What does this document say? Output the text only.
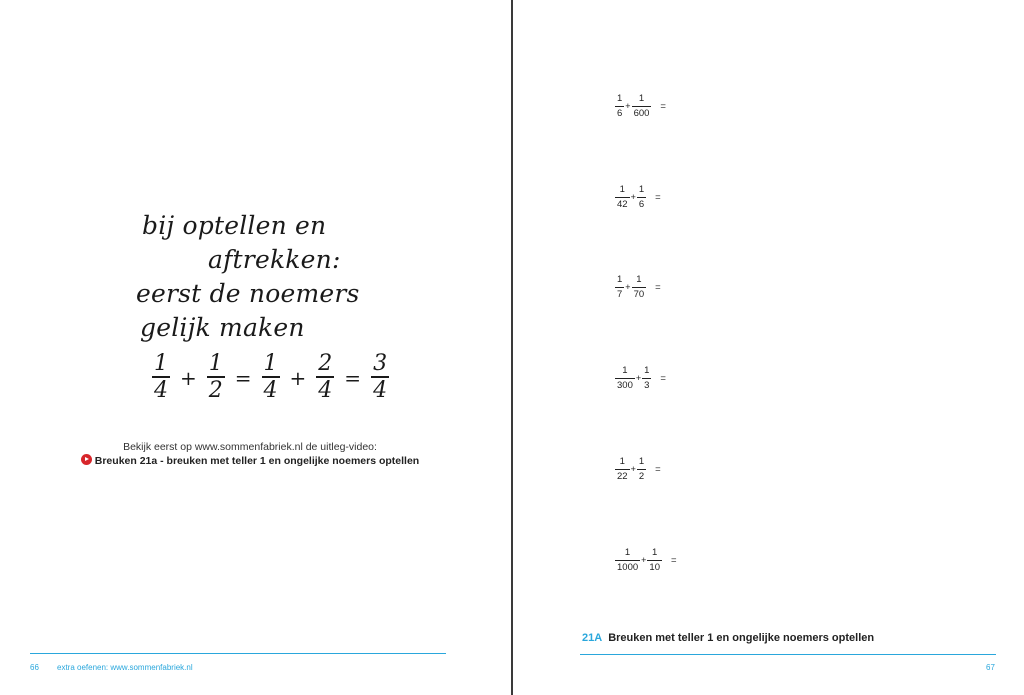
bij optellen en
aftrekken:
eerst de noemers
gelijk maken
$\frac{1}{4} + \frac{1}{2} = \frac{1}{4} + \frac{2}{4} = \frac{3}{4}$
Bekijk eerst op www.sommenfabriek.nl de uitleg-video:
Breuken 21a - breuken met teller 1 en ongelijke noemers optellen
66 extra oefenen: www.sommenfabriek.nl
$\frac{1}{6} + \frac{1}{600}$ =
$\frac{1}{42} + \frac{1}{6}$ =
$\frac{1}{7} + \frac{1}{70}$ =
$\frac{1}{300} + \frac{1}{3}$ =
$\frac{1}{22} + \frac{1}{2}$ =
$\frac{1}{1000} + \frac{1}{10}$ =
21A Breuken met teller 1 en ongelijke noemers optellen
67
